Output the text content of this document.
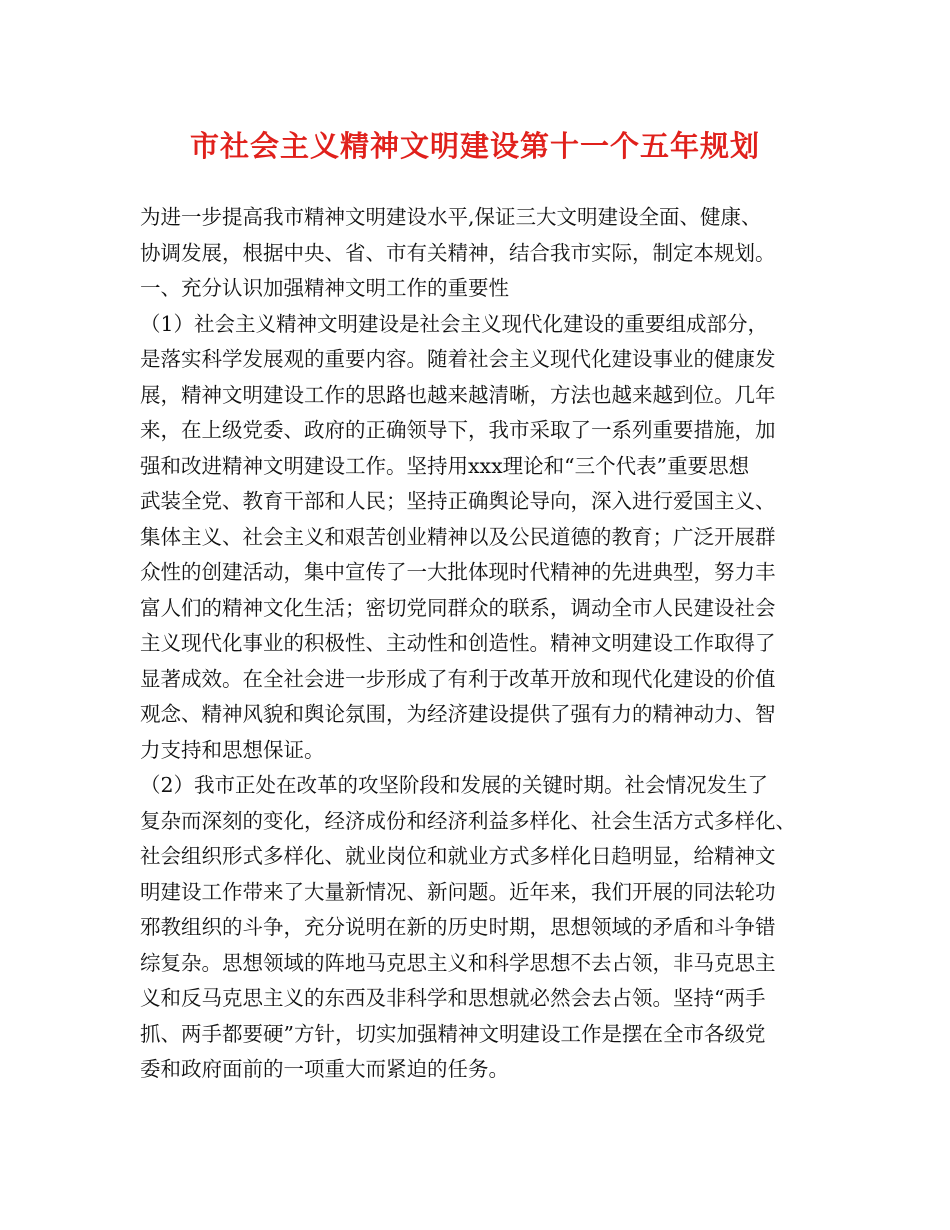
市社会主义精神文明建设第十一个五年规划
为进一步提高我市精神文明建设水平,保证三大文明建设全面、健康、
协调发展，根据中央、省、市有关精神，结合我市实际，制定本规划。
一、充分认识加强精神文明工作的重要性
（1）社会主义精神文明建设是社会主义现代化建设的重要组成部分，
是落实科学发展观的重要内容。随着社会主义现代化建设事业的健康发
展，精神文明建设工作的思路也越来越清晰，方法也越来越到位。几年
来，在上级党委、政府的正确领导下，我市采取了一系列重要措施，加
强和改进精神文明建设工作。坚持用xxx理论和“三个代表”重要思想
武装全党、教育干部和人民；坚持正确舆论导向，深入进行爱国主义、
集体主义、社会主义和艰苦创业精神以及公民道德的教育；广泛开展群
众性的创建活动，集中宣传了一大批体现时代精神的先进典型，努力丰
富人们的精神文化生活；密切党同群众的联系，调动全市人民建设社会
主义现代化事业的积极性、主动性和创造性。精神文明建设工作取得了
显著成效。在全社会进一步形成了有利于改革开放和现代化建设的价值
观念、精神风貌和舆论氛围，为经济建设提供了强有力的精神动力、智
力支持和思想保证。
（2）我市正处在改革的攻坚阶段和发展的关键时期。社会情况发生了
复杂而深刻的变化，经济成份和经济利益多样化、社会生活方式多样化、
社会组织形式多样化、就业岗位和就业方式多样化日趋明显，给精神文
明建设工作带来了大量新情况、新问题。近年来，我们开展的同法轮功
邪教组织的斗争，充分说明在新的历史时期，思想领域的矛盾和斗争错
综复杂。思想领域的阵地马克思主义和科学思想不去占领，非马克思主
义和反马克思主义的东西及非科学和思想就必然会去占领。坚持“两手
抓、两手都要硬”方针，切实加强精神文明建设工作是摆在全市各级党
委和政府面前的一项重大而紧迫的任务。
